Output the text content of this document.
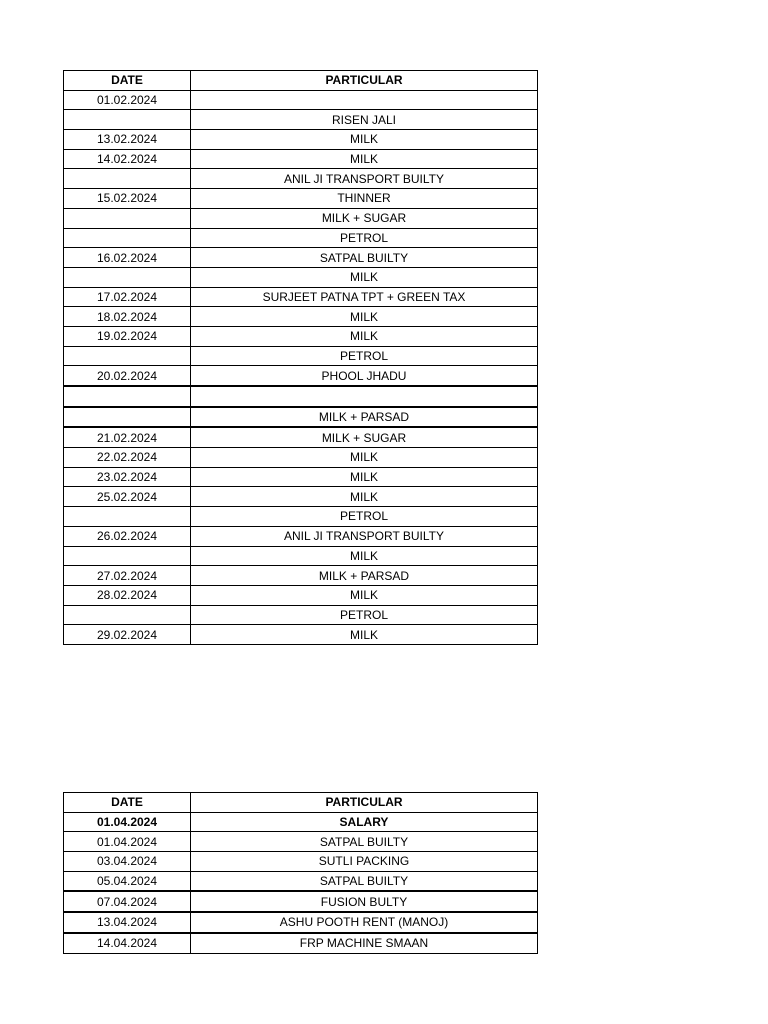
DATE	PARTICULAR
01.02.2024	
	RISEN JALI
13.02.2024	MILK
14.02.2024	MILK
	ANIL JI TRANSPORT BUILTY
15.02.2024	THINNER
	MILK + SUGAR
	PETROL
16.02.2024	SATPAL BUILTY
	MILK
17.02.2024	SURJEET PATNA TPT + GREEN TAX
18.02.2024	MILK
19.02.2024	MILK
	PETROL
20.02.2024	PHOOL JHADU

	MILK + PARSAD
21.02.2024	MILK + SUGAR
22.02.2024	MILK
23.02.2024	MILK
25.02.2024	MILK
	PETROL
26.02.2024	ANIL JI TRANSPORT BUILTY
	MILK
27.02.2024	MILK + PARSAD
28.02.2024	MILK
	PETROL
29.02.2024	MILK
DATE	PARTICULAR
01.04.2024	SALARY
01.04.2024	SATPAL BUILTY
03.04.2024	SUTLI PACKING
05.04.2024	SATPAL BUILTY
07.04.2024	FUSION BULTY
13.04.2024	ASHU POOTH RENT (MANOJ)
14.04.2024	FRP MACHINE SMAAN
